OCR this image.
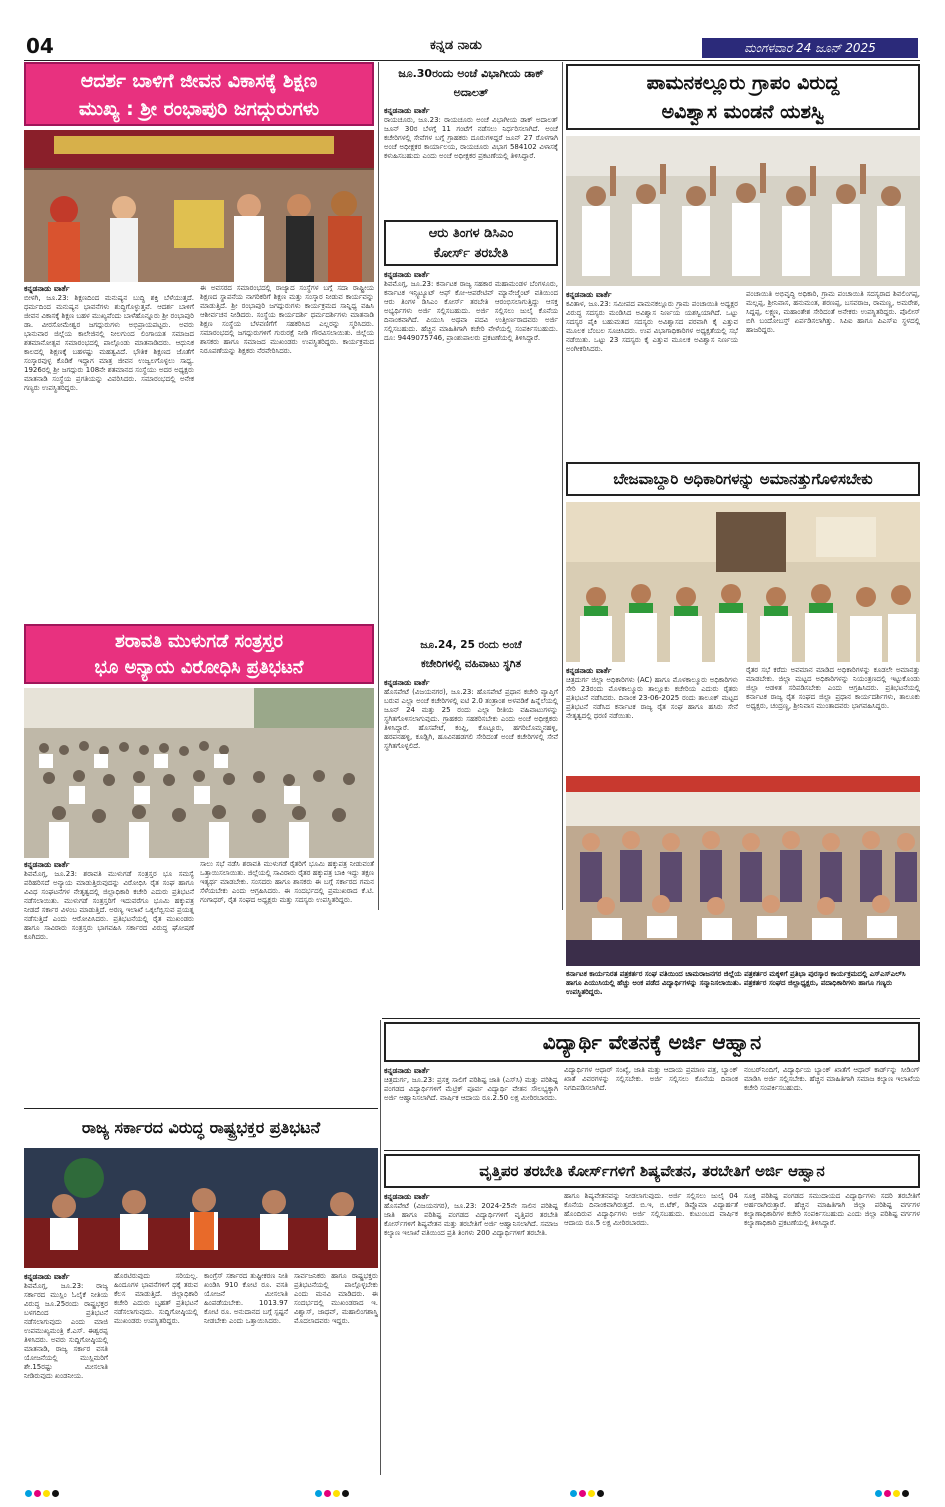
04	ಕನ್ನಡ ನಾಡು	ಮಂಗಳವಾರ 24 ಜೂನ್ 2025
ಆದರ್ಶ ಬಾಳಿಗೆ ಜೀವನ ವಿಕಾಸಕ್ಕೆ ಶಿಕ್ಷಣ
ಮುಖ್ಯ : ಶ್ರೀ ರಂಭಾಪುರಿ ಜಗದ್ಗುರುಗಳು
ಕನ್ನಡನಾಡು ವಾರ್ತೆ
ಬೀಳಗಿ, ಜೂ.23: ಶಿಕ್ಷಣದಿಂದ ಮನುಷ್ಯನ ಬುದ್ಧಿ ಶಕ್ತಿ ಬೆಳೆಯುತ್ತದೆ. ಧರ್ಮದಿಂದ ಮನುಷ್ಯನ ಭಾವನೆಗಳು ಶುದ್ಧಿಗೊಳ್ಳುತ್ತವೆ. ಆದರ್ಶ ಬಾಳಿಗೆ ಜೀವನ ವಿಕಾಸಕ್ಕೆ ಶಿಕ್ಷಣ ಬಹಳ ಮುಖ್ಯವೆಂದು ಬಾಳೆಹೊನ್ನೂರು ಶ್ರೀ ರಂಭಾಪುರಿ ಡಾ. ವೀರಸೋಮೇಶ್ವರ ಜಗದ್ಗುರುಗಳು ಅಭಿಪ್ರಾಯಪಟ್ಟರು. ಅವರು ಭಾನುವಾರ ಜಿಲ್ಲೆಯ ಕಾಲೇಜಿನಲ್ಲಿ ನೀಲಗುಂದ ಲಿಂಗಾಯತ ಸಮಾಜದ ಶತಮಾನೋತ್ಸವ ಸಮಾರಂಭದಲ್ಲಿ ಪಾಲ್ಗೊಂಡು ಮಾತನಾಡಿದರು. ಆಧುನಿಕ ಕಾಲದಲ್ಲಿ ಶಿಕ್ಷಣಕ್ಕೆ ಬಹಳಷ್ಟು ಮಹತ್ವವಿದೆ. ಭೌತಿಕ ಶಿಕ್ಷಣದ ಜೊತೆಗೆ ಸಂಸ್ಕಾರವುಳ್ಳ ಕೊಡಿಕೆ ಇದ್ದಾಗ ಮಾತ್ರ ಜೀವನ ಉಜ್ವಲಗೊಳ್ಳಲು ಸಾಧ್ಯ. 1926ರಲ್ಲಿ ಶ್ರೀ ಜಗದ್ಗುರು 108ನೇ ಶತಮಾನದ ಸಂಸ್ಥೆಯು ಅದರ ಅಧ್ಯಕ್ಷರು ಮಾತನಾಡಿ ಸಂಸ್ಥೆಯ ಪ್ರಗತಿಯನ್ನು ವಿವರಿಸಿದರು. ಸಮಾರಂಭದಲ್ಲಿ ಅನೇಕ ಗಣ್ಯರು ಉಪಸ್ಥಿತರಿದ್ದರು.
ಈ ಅವಸರದ ಸಮಾರಂಭದಲ್ಲಿ ರಾಜ್ಯಾದ ಸಂಸ್ಥೆಗಳ ಬಗ್ಗೆ ಸದಾ ರಾಷ್ಟ್ರೀಯ ಶಿಕ್ಷಣದ ಸ್ಥಾಪನೆಯ ನಾಗರಿಕರಿಗೆ ಶಿಕ್ಷಣ ಮತ್ತು ಸಂಸ್ಕಾರ ನೀಡುವ ಕಾರ್ಯವನ್ನು ಮಾಡುತ್ತಿದೆ. ಶ್ರೀ ರಂಭಾಪುರಿ ಜಗದ್ಗುರುಗಳು ಕಾರ್ಯಕ್ರಮದ ಸಾನ್ನಿಧ್ಯ ವಹಿಸಿ ಆಶೀರ್ವಚನ ನೀಡಿದರು. ಸಂಸ್ಥೆಯ ಕಾರ್ಯದರ್ಶಿ ಧರ್ಮದರ್ಶಿಗಳು ಮಾತನಾಡಿ ಶಿಕ್ಷಣ ಸಂಸ್ಥೆಯ ಬೆಳವಣಿಗೆಗೆ ಸಹಕರಿಸಿದ ಎಲ್ಲರನ್ನು ಸ್ಮರಿಸಿದರು. ಸಮಾರಂಭದಲ್ಲಿ ಜಗದ್ಗುರುಗಳಿಗೆ ಗುರುರಕ್ಷೆ ನೀಡಿ ಗೌರವಿಸಲಾಯಿತು. ಜಿಲ್ಲೆಯ ಶಾಸಕರು ಹಾಗೂ ಸಮಾಜದ ಮುಖಂಡರು ಉಪಸ್ಥಿತರಿದ್ದರು. ಕಾರ್ಯಕ್ರಮದ ನಿರೂಪಣೆಯನ್ನು ಶಿಕ್ಷಕರು ನೆರವೇರಿಸಿದರು.
ಶರಾವತಿ ಮುಳುಗಡೆ ಸಂತ್ರಸ್ತರ
ಭೂ ಅನ್ಯಾಯ ವಿರೋಧಿಸಿ ಪ್ರತಿಭಟನೆ
ಕನ್ನಡನಾಡು ವಾರ್ತೆ
ಶಿವಮೊಗ್ಗ, ಜೂ.23: ಶರಾವತಿ ಮುಳುಗಡೆ ಸಂತ್ರಸ್ತರ ಭೂ ಸಮಸ್ಯೆ ಪರಿಹರಿಸದೆ ಅನ್ಯಾಯ ಮಾಡುತ್ತಿರುವುದನ್ನು ವಿರೋಧಿಸಿ ರೈತ ಸಂಘ ಹಾಗೂ ವಿವಿಧ ಸಂಘಟನೆಗಳ ನೇತೃತ್ವದಲ್ಲಿ ಜಿಲ್ಲಾಧಿಕಾರಿ ಕಚೇರಿ ಎದುರು ಪ್ರತಿಭಟನೆ ನಡೆಸಲಾಯಿತು. ಮುಳುಗಡೆ ಸಂತ್ರಸ್ತರಿಗೆ ಇದುವರೆಗೂ ಭೂಮಿ ಹಕ್ಕುಪತ್ರ ನೀಡದೆ ಸರ್ಕಾರ ವಿಳಂಬ ಮಾಡುತ್ತಿದೆ. ಅರಣ್ಯ ಇಲಾಖೆ ಒಕ್ಕಲೆಬ್ಬಿಸುವ ಪ್ರಯತ್ನ ನಡೆಸುತ್ತಿದೆ ಎಂದು ಆರೋಪಿಸಿದರು. ಪ್ರತಿಭಟನೆಯಲ್ಲಿ ರೈತ ಮುಖಂಡರು ಹಾಗೂ ಸಾವಿರಾರು ಸಂತ್ರಸ್ತರು ಭಾಗವಹಿಸಿ ಸರ್ಕಾರದ ವಿರುದ್ಧ ಘೋಷಣೆ ಕೂಗಿದರು.
ಸಾಲು ಸಭೆ ನಡೆಸಿ ಶರಾವತಿ ಮುಳುಗಡೆ ರೈತರಿಗೆ ಭೂಮಿ ಹಕ್ಕುಪತ್ರ ನೀಡುವಂತೆ ಒತ್ತಾಯಿಸಲಾಯಿತು. ಜಿಲ್ಲೆಯಲ್ಲಿ ಸಾವಿರಾರು ರೈತರ ಹಕ್ಕುಪತ್ರ ಬಾಕಿ ಇದ್ದು ತಕ್ಷಣ ಇತ್ಯರ್ಥ ಮಾಡಬೇಕು. ಸಂಸದರು ಹಾಗೂ ಶಾಸಕರು ಈ ಬಗ್ಗೆ ಸರ್ಕಾರದ ಗಮನ ಸೆಳೆಯಬೇಕು ಎಂದು ಆಗ್ರಹಿಸಿದರು. ಈ ಸಂದರ್ಭದಲ್ಲಿ ಪ್ರಮುಖರಾದ ಕೆ.ಟಿ. ಗಂಗಾಧರ್, ರೈತ ಸಂಘದ ಅಧ್ಯಕ್ಷರು ಮತ್ತು ಸದಸ್ಯರು ಉಪಸ್ಥಿತರಿದ್ದರು.
ಜೂ.30ರಂದು ಅಂಚೆ ವಿಭಾಗೀಯ ಡಾಕ್ ಅದಾಲತ್
ಕನ್ನಡನಾಡು ವಾರ್ತೆ
ರಾಯಚೂರು, ಜೂ.23: ರಾಯಚೂರು ಅಂಚೆ ವಿಭಾಗೀಯ ಡಾಕ್ ಅದಾಲತ್ ಜೂನ್ 30ರ ಬೆಳಗ್ಗೆ 11 ಗಂಟೆಗೆ ನಡೆಸಲು ನಿರ್ಧರಿಸಲಾಗಿದೆ. ಅಂಚೆ ಕಚೇರಿಗಳಲ್ಲಿ ಸೇವೆಗಳ ಬಗ್ಗೆ ಗ್ರಾಹಕರು ದೂರುಗಳಿದ್ದರೆ ಜೂನ್ 27 ರೊಳಗಾಗಿ ಅಂಚೆ ಅಧೀಕ್ಷಕರ ಕಾರ್ಯಾಲಯ, ರಾಯಚೂರು ವಿಭಾಗ 584102 ವಿಳಾಸಕ್ಕೆ ಕಳುಹಿಸಬಹುದು ಎಂದು ಅಂಚೆ ಅಧೀಕ್ಷಕರ ಪ್ರಕಟಣೆಯಲ್ಲಿ ತಿಳಿಸಿದ್ದಾರೆ.
ಆರು ತಿಂಗಳ ಡಿಸಿಎಂ
ಕೋರ್ಸ್ ತರಬೇತಿ
ಕನ್ನಡನಾಡು ವಾರ್ತೆ
ಶಿವಮೊಗ್ಗ, ಜೂ.23: ಕರ್ನಾಟಕ ರಾಜ್ಯ ಸಹಕಾರ ಮಹಾಮಂಡಳ ಬೆಂಗಳೂರು, ಕರ್ನಾಟಕ ಇನ್ಸ್ಟಿಟ್ಯೂಟ್ ಆಫ್ ಕೋ-ಆಪರೇಟಿವ್ ಮ್ಯಾನೇಜ್ಮೆಂಟ್ ವತಿಯಿಂದ ಆರು ತಿಂಗಳ ಡಿಸಿಎಂ ಕೋರ್ಸ್ ತರಬೇತಿ ಆರಂಭಿಸಲಾಗುತ್ತಿದ್ದು ಆಸಕ್ತ ಅಭ್ಯರ್ಥಿಗಳು ಅರ್ಜಿ ಸಲ್ಲಿಸಬಹುದು. ಅರ್ಜಿ ಸಲ್ಲಿಸಲು ಜುಲೈ ಕೊನೆಯ ದಿನಾಂಕವಾಗಿದೆ. ಪಿಯುಸಿ ಅಥವಾ ಪದವಿ ಉತ್ತೀರ್ಣರಾದವರು ಅರ್ಜಿ ಸಲ್ಲಿಸಬಹುದು. ಹೆಚ್ಚಿನ ಮಾಹಿತಿಗಾಗಿ ಕಚೇರಿ ವೇಳೆಯಲ್ಲಿ ಸಂಪರ್ಕಿಸಬಹುದು. ದೂ: 9449075746, ಪ್ರಾಂಶುಪಾಲರು ಪ್ರಕಟಣೆಯಲ್ಲಿ ತಿಳಿಸಿದ್ದಾರೆ.
ಜೂ.24, 25 ರಂದು ಅಂಚೆ
ಕಚೇರಿಗಳಲ್ಲಿ ವಹಿವಾಟು ಸ್ಥಗಿತ
ಕನ್ನಡನಾಡು ವಾರ್ತೆ
ಹೊಸಪೇಟೆ (ವಿಜಯನಗರ), ಜೂ.23: ಹೊಸಪೇಟೆ ಪ್ರಧಾನ ಕಚೇರಿ ವ್ಯಾಪ್ತಿಗೆ ಬರುವ ಎಲ್ಲಾ ಅಂಚೆ ಕಚೇರಿಗಳಲ್ಲಿ ಐಟಿ 2.0 ತಂತ್ರಾಂಶ ಅಳವಡಿಕೆ ಹಿನ್ನೆಲೆಯಲ್ಲಿ ಜೂನ್ 24 ಮತ್ತು 25 ರಂದು ಎಲ್ಲಾ ರೀತಿಯ ವಹಿವಾಟುಗಳನ್ನು ಸ್ಥಗಿತಗೊಳಿಸಲಾಗುವುದು. ಗ್ರಾಹಕರು ಸಹಕರಿಸಬೇಕು ಎಂದು ಅಂಚೆ ಅಧೀಕ್ಷಕರು ತಿಳಿಸಿದ್ದಾರೆ. ಹೊಸಪೇಟೆ, ಕಂಪ್ಲಿ, ಕೊಟ್ಟೂರು, ಹಗರಿಬೊಮ್ಮನಹಳ್ಳಿ, ಹರಪನಹಳ್ಳಿ, ಕೂಡ್ಲಿಗಿ, ಹೂವಿನಹಡಗಲಿ ಸೇರಿದಂತೆ ಅಂಚೆ ಕಚೇರಿಗಳಲ್ಲಿ ಸೇವೆ ಸ್ಥಗಿತಗೊಳ್ಳಲಿದೆ.
ಪಾಮನಕಲ್ಲೂರು ಗ್ರಾಪಂ ವಿರುದ್ದ
ಅವಿಶ್ವಾಸ ಮಂಡನೆ ಯಶಸ್ವಿ
ಕನ್ನಡನಾಡು ವಾರ್ತೆ
ಕವಿತಾಳ, ಜೂ.23: ಸಮೀಪದ ಪಾಮನಕಲ್ಲೂರು ಗ್ರಾಮ ಪಂಚಾಯಿತಿ ಅಧ್ಯಕ್ಷರ ವಿರುದ್ಧ ಸದಸ್ಯರು ಮಂಡಿಸಿದ ಅವಿಶ್ವಾಸ ನಿರ್ಣಯ ಯಶಸ್ವಿಯಾಗಿದೆ. ಒಟ್ಟು ಸದಸ್ಯರ ಪೈಕಿ ಬಹುಮತದ ಸದಸ್ಯರು ಅವಿಶ್ವಾಸದ ಪರವಾಗಿ ಕೈ ಎತ್ತುವ ಮೂಲಕ ಬೆಂಬಲ ಸೂಚಿಸಿದರು. ಉಪ ವಿಭಾಗಾಧಿಕಾರಿಗಳ ಅಧ್ಯಕ್ಷತೆಯಲ್ಲಿ ಸಭೆ ನಡೆಯಿತು. ಒಟ್ಟು 23 ಸದಸ್ಯರು ಕೈ ಎತ್ತುವ ಮೂಲಕ ಅವಿಶ್ವಾಸ ನಿರ್ಣಯ ಅಂಗೀಕರಿಸಿದರು.
ಪಂಚಾಯಿತಿ ಅಭಿವೃದ್ಧಿ ಅಧಿಕಾರಿ, ಗ್ರಾಮ ಪಂಚಾಯಿತಿ ಸದಸ್ಯರಾದ ಶಿವಲಿಂಗಪ್ಪ, ಮಲ್ಲಪ್ಪ, ಶ್ರೀನಿವಾಸ, ಹನುಮಂತ, ಶರಣಪ್ಪ, ಬಸವರಾಜ, ರಾಮಣ್ಣ, ಅಮರೇಶ, ಸಿದ್ದಪ್ಪ, ಲಕ್ಷ್ಮಣ, ಮಹಾಂತೇಶ ಸೇರಿದಂತೆ ಅನೇಕರು ಉಪಸ್ಥಿತರಿದ್ದರು. ಪೊಲೀಸ್ ಬಿಗಿ ಬಂದೋಬಸ್ತ್ ಏರ್ಪಡಿಸಲಾಗಿತ್ತು. ಸಿಪಿಐ ಹಾಗೂ ಪಿಎಸ್‌ಐ ಸ್ಥಳದಲ್ಲಿ ಹಾಜರಿದ್ದರು.
ಬೇಜವಾಬ್ದಾರಿ ಅಧಿಕಾರಿಗಳನ್ನು ಅಮಾನತ್ತುಗೊಳಿಸಬೇಕು
ಕನ್ನಡನಾಡು ವಾರ್ತೆ
ಚಿತ್ರದುರ್ಗ ಜಿಲ್ಲಾ ಅಧಿಕಾರಿಗಳು (AC) ಹಾಗೂ ಮೊಳಕಾಲ್ಮೂರು ಅಧಿಕಾರಿಗಳು ಸೇರಿ 23ರಂದು ಮೊಳಕಾಲ್ಮೂರು ತಾಲ್ಲೂಕು ಕಚೇರಿಯ ಎದುರು ರೈತರು ಪ್ರತಿಭಟನೆ ನಡೆಸಿದರು. ದಿನಾಂಕ 23-06-2025 ರಂದು ತಾಲೂಕ್ ಮಟ್ಟದ ಪ್ರತಿಭಟನೆ ನಡೆಸಿದ ಕರ್ನಾಟಕ ರಾಜ್ಯ ರೈತ ಸಂಘ ಹಾಗೂ ಹಸಿರು ಸೇನೆ ನೇತೃತ್ವದಲ್ಲಿ ಧರಣಿ ನಡೆಯಿತು.
ರೈತರ ಸಭೆ ಕರೆದು ಅವಮಾನ ಮಾಡಿದ ಅಧಿಕಾರಿಗಳನ್ನು ಕೂಡಲೇ ಅಮಾನತ್ತು ಮಾಡಬೇಕು. ಜಿಲ್ಲಾ ಮಟ್ಟದ ಅಧಿಕಾರಿಗಳನ್ನು ನಿಯಂತ್ರಣದಲ್ಲಿ ಇಟ್ಟುಕೊಂಡು ಜಿಲ್ಲಾ ಆಡಳಿತ ಸರಿಪಡಿಸಬೇಕು ಎಂದು ಆಗ್ರಹಿಸಿದರು. ಪ್ರತಿಭಟನೆಯಲ್ಲಿ ಕರ್ನಾಟಕ ರಾಜ್ಯ ರೈತ ಸಂಘದ ಜಿಲ್ಲಾ ಪ್ರಧಾನ ಕಾರ್ಯದರ್ಶಿಗಳು, ತಾಲೂಕು ಅಧ್ಯಕ್ಷರು, ಚಂದ್ರಣ್ಣ, ಶ್ರೀನಿವಾಸ ಮುಂತಾದವರು ಭಾಗವಹಿಸಿದ್ದರು.
ಕರ್ನಾಟಕ ಕಾರ್ಯನಿರತ ಪತ್ರಕರ್ತರ ಸಂಘ ವತಿಯಿಂದ ಚಾಮರಾಜನಗರ ಜಿಲ್ಲೆಯ ಪತ್ರಕರ್ತರ ಮಕ್ಕಳಿಗೆ ಪ್ರತಿಭಾ ಪುರಸ್ಕಾರ ಕಾರ್ಯಕ್ರಮದಲ್ಲಿ ಎಸ್‌ಎಸ್‌ಎಲ್‌ಸಿ ಹಾಗೂ ಪಿಯುಸಿಯಲ್ಲಿ ಹೆಚ್ಚು ಅಂಕ ಪಡೆದ ವಿದ್ಯಾರ್ಥಿಗಳನ್ನು ಸನ್ಮಾನಿಸಲಾಯಿತು. ಪತ್ರಕರ್ತರ ಸಂಘದ ಜಿಲ್ಲಾಧ್ಯಕ್ಷರು, ಪದಾಧಿಕಾರಿಗಳು ಹಾಗೂ ಗಣ್ಯರು ಉಪಸ್ಥಿತರಿದ್ದರು.
ರಾಜ್ಯ ಸರ್ಕಾರದ ವಿರುದ್ಧ ರಾಷ್ಟ್ರಭಕ್ತರ ಪ್ರತಿಭಟನೆ
ಕನ್ನಡನಾಡು ವಾರ್ತೆ
ಶಿವಮೊಗ್ಗ, ಜೂ.23: ರಾಜ್ಯ ಸರ್ಕಾರದ ಮುಸ್ಲಿಂ ಓಲೈಕೆ ನೀತಿಯ ವಿರುದ್ಧ ಜೂ.25ರಂದು ರಾಷ್ಟ್ರಭಕ್ತರ ಬಳಗದಿಂದ ಪ್ರತಿಭಟನೆ ನಡೆಸಲಾಗುವುದು ಎಂದು ಮಾಜಿ ಉಪಮುಖ್ಯಮಂತ್ರಿ ಕೆ.ಎಸ್. ಈಶ್ವರಪ್ಪ ತಿಳಿಸಿದರು. ಅವರು ಸುದ್ದಿಗೋಷ್ಠಿಯಲ್ಲಿ ಮಾತನಾಡಿ, ರಾಜ್ಯ ಸರ್ಕಾರ ವಸತಿ ಯೋಜನೆಯಲ್ಲಿ ಮುಸ್ಲಿಮರಿಗೆ ಶೇ.15ರಷ್ಟು ಮೀಸಲಾತಿ ನೀಡಿರುವುದು ಖಂಡನೀಯ.
ಹೊರಟಿರುವುದು ಸರಿಯಲ್ಲ. ಹಿಂದೂಗಳ ಭಾವನೆಗಳಿಗೆ ಧಕ್ಕೆ ತರುವ ಕೆಲಸ ಮಾಡುತ್ತಿದೆ. ಜಿಲ್ಲಾಧಿಕಾರಿ ಕಚೇರಿ ಎದುರು ಬೃಹತ್ ಪ್ರತಿಭಟನೆ ನಡೆಸಲಾಗುವುದು. ಸುದ್ದಿಗೋಷ್ಠಿಯಲ್ಲಿ ಮುಖಂಡರು ಉಪಸ್ಥಿತರಿದ್ದರು.
ಕಾಂಗ್ರೆಸ್ ಸರ್ಕಾರದ ತುಷ್ಟೀಕರಣ ನೀತಿ ಖಂಡಿಸಿ 910 ಕೋಟಿ ರೂ. ವಸತಿ ಯೋಜನೆ ಮೀಸಲಾತಿ ಹಿಂಪಡೆಯಬೇಕು. 1013.97 ಕೋಟಿ ರೂ. ಅನುದಾನದ ಬಗ್ಗೆ ಸ್ಪಷ್ಟನೆ ನೀಡಬೇಕು ಎಂದು ಒತ್ತಾಯಿಸಿದರು.
ಸಾರ್ವಜನಿಕರು ಹಾಗೂ ರಾಷ್ಟ್ರಭಕ್ತರು ಪ್ರತಿಭಟನೆಯಲ್ಲಿ ಪಾಲ್ಗೊಳ್ಳಬೇಕು ಎಂದು ಮನವಿ ಮಾಡಿದರು. ಈ ಸಂದರ್ಭದಲ್ಲಿ ಮುಖಂಡರಾದ ಇ. ವಿಶ್ವಾಸ್, ಜಾಧವ್, ಮಹಾಲಿಂಗಶಾಸ್ತ್ರಿ ಮೊದಲಾದವರು ಇದ್ದರು.
ವಿದ್ಯಾರ್ಥಿ ವೇತನಕ್ಕೆ ಅರ್ಜಿ ಆಹ್ವಾನ
ಕನ್ನಡನಾಡು ವಾರ್ತೆ
ಚಿತ್ರದುರ್ಗ, ಜೂ.23: ಪ್ರಸಕ್ತ ಸಾಲಿಗೆ ಪರಿಶಿಷ್ಟ ಜಾತಿ (ಎಸ್‌ಸಿ) ಮತ್ತು ಪರಿಶಿಷ್ಟ ಪಂಗಡದ ವಿದ್ಯಾರ್ಥಿಗಳಿಗೆ ಮೆಟ್ರಿಕ್ ಪೂರ್ವ ವಿದ್ಯಾರ್ಥಿ ವೇತನ ಸೌಲಭ್ಯಕ್ಕಾಗಿ ಅರ್ಜಿ ಆಹ್ವಾನಿಸಲಾಗಿದೆ. ವಾರ್ಷಿಕ ಆದಾಯ ರೂ.2.50 ಲಕ್ಷ ಮೀರಿರಬಾರದು.
ವಿದ್ಯಾರ್ಥಿಗಳ ಆಧಾರ್ ಸಂಖ್ಯೆ, ಜಾತಿ ಮತ್ತು ಆದಾಯ ಪ್ರಮಾಣ ಪತ್ರ, ಬ್ಯಾಂಕ್ ಖಾತೆ ವಿವರಗಳನ್ನು ಸಲ್ಲಿಸಬೇಕು. ಅರ್ಜಿ ಸಲ್ಲಿಸಲು ಕೊನೆಯ ದಿನಾಂಕ ನಿಗದಿಪಡಿಸಲಾಗಿದೆ.
ನಂಬರ್‌ನಿಂದಿಗೆ, ವಿದ್ಯಾರ್ಥಿಯ ಬ್ಯಾಂಕ್ ಖಾತೆಗೆ ಆಧಾರ್ ಕಾರ್ಡ್‌ನ್ನು ಸೀಡಿಂಗ್ ಮಾಡಿಸಿ ಅರ್ಜಿ ಸಲ್ಲಿಸಬೇಕು. ಹೆಚ್ಚಿನ ಮಾಹಿತಿಗಾಗಿ ಸಮಾಜ ಕಲ್ಯಾಣ ಇಲಾಖೆಯ ಕಚೇರಿ ಸಂಪರ್ಕಿಸಬಹುದು.
ವೃತ್ತಿಪರ ತರಬೇತಿ ಕೋರ್ಸ್‌ಗಳಿಗೆ ಶಿಷ್ಯವೇತನ, ತರಬೇತಿಗೆ ಅರ್ಜಿ ಆಹ್ವಾನ
ಕನ್ನಡನಾಡು ವಾರ್ತೆ
ಹೊಸಪೇಟೆ (ವಿಜಯನಗರ), ಜೂ.23: 2024-25ನೇ ಸಾಲಿನ ಪರಿಶಿಷ್ಟ ಜಾತಿ ಹಾಗೂ ಪರಿಶಿಷ್ಟ ಪಂಗಡದ ವಿದ್ಯಾರ್ಥಿಗಳಿಗೆ ವೃತ್ತಿಪರ ತರಬೇತಿ ಕೋರ್ಸ್‌ಗಳಿಗೆ ಶಿಷ್ಯವೇತನ ಮತ್ತು ತರಬೇತಿಗೆ ಅರ್ಜಿ ಆಹ್ವಾನಿಸಲಾಗಿದೆ. ಸಮಾಜ ಕಲ್ಯಾಣ ಇಲಾಖೆ ವತಿಯಿಂದ ಪ್ರತಿ ತಿಂಗಳು 200 ವಿದ್ಯಾರ್ಥಿಗಳಿಗೆ ತರಬೇತಿ.
ಹಾಗೂ ಶಿಷ್ಯವೇತನವನ್ನು ನೀಡಲಾಗುವುದು. ಅರ್ಜಿ ಸಲ್ಲಿಸಲು ಜುಲೈ 04 ಕೊನೆಯ ದಿನಾಂಕವಾಗಿರುತ್ತದೆ. ಬಿ.ಇ, ಬಿ.ಟೆಕ್, ಡಿಪ್ಲೊಮಾ ವಿದ್ಯಾರ್ಹತೆ ಹೊಂದಿರುವ ವಿದ್ಯಾರ್ಥಿಗಳು ಅರ್ಜಿ ಸಲ್ಲಿಸಬಹುದು. ಕುಟುಂಬದ ವಾರ್ಷಿಕ ಆದಾಯ ರೂ.5 ಲಕ್ಷ ಮೀರಿರಬಾರದು.
ಸೂಕ್ತ ಪರಿಶಿಷ್ಟ ಪಂಗಡದ ಸಮುದಾಯದ ವಿದ್ಯಾರ್ಥಿಗಳು ಸದರಿ ತರಬೇತಿಗೆ ಅರ್ಹರಾಗಿರುತ್ತಾರೆ. ಹೆಚ್ಚಿನ ಮಾಹಿತಿಗಾಗಿ ಜಿಲ್ಲಾ ಪರಿಶಿಷ್ಟ ವರ್ಗಗಳ ಕಲ್ಯಾಣಾಧಿಕಾರಿಗಳ ಕಚೇರಿ ಸಂಪರ್ಕಿಸಬಹುದು ಎಂದು ಜಿಲ್ಲಾ ಪರಿಶಿಷ್ಟ ವರ್ಗಗಳ ಕಲ್ಯಾಣಾಧಿಕಾರಿ ಪ್ರಕಟಣೆಯಲ್ಲಿ ತಿಳಿಸಿದ್ದಾರೆ.
